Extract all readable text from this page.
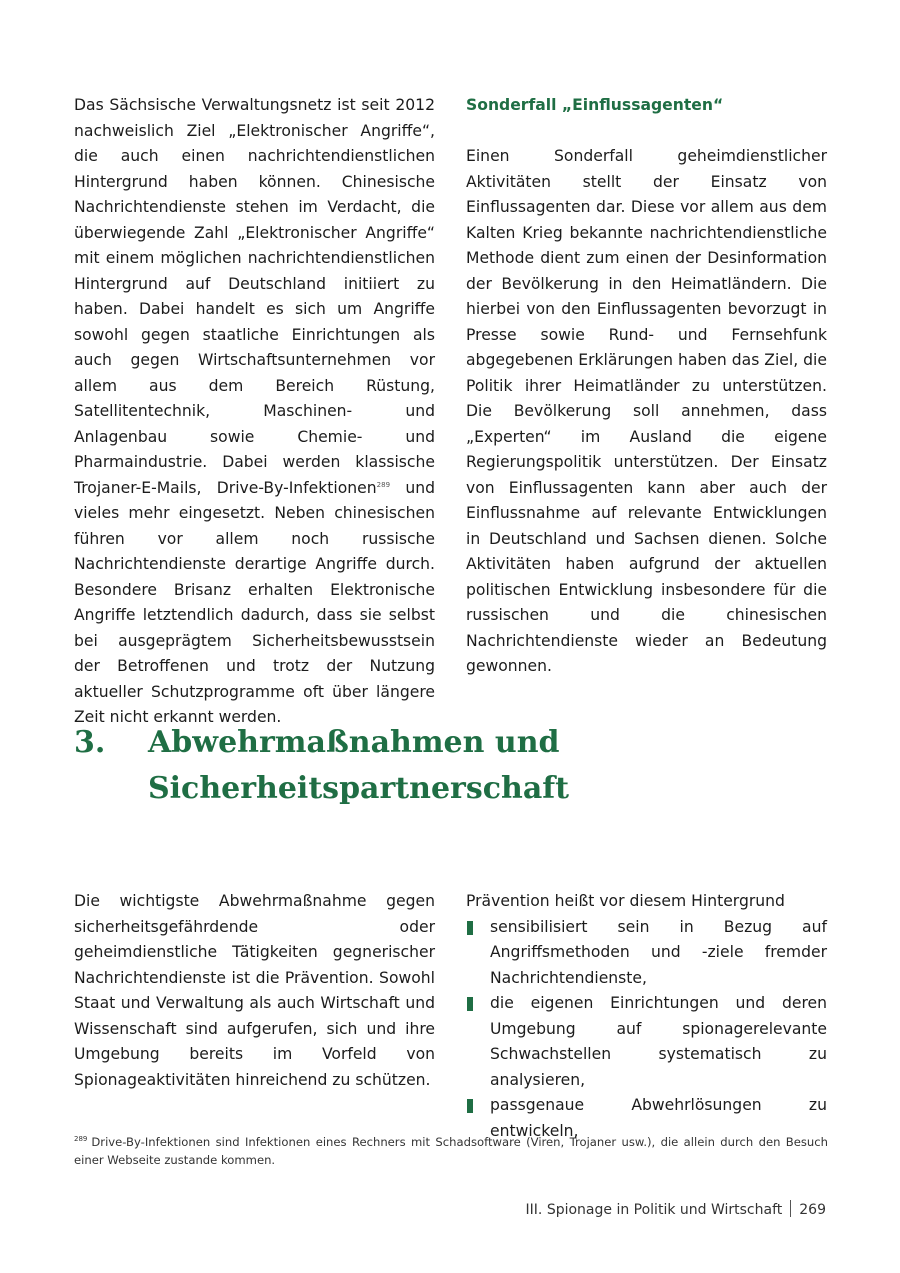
Das Sächsische Verwaltungsnetz ist seit 2012 nachweislich Ziel „Elektronischer Angriffe“, die auch einen nachrichtendienstlichen Hintergrund haben können. Chinesische Nachrichtendienste stehen im Verdacht, die überwiegende Zahl „Elektronischer Angriffe“ mit einem möglichen nachrichtendienstlichen Hintergrund auf Deutschland initiiert zu haben. Dabei handelt es sich um Angriffe sowohl gegen staatliche Einrichtungen als auch gegen Wirtschaftsunternehmen vor allem aus dem Bereich Rüstung, Satellitentechnik, Maschinen- und Anlagenbau sowie Chemie- und Pharmaindustrie. Dabei werden klassische Trojaner-E-Mails, Drive-By-Infektionen$^{289}$ und vieles mehr eingesetzt. Neben chinesischen führen vor allem noch russische Nachrichtendienste derartige Angriffe durch. Besondere Brisanz erhalten Elektronische Angriffe letztendlich dadurch, dass sie selbst bei ausgeprägtem Sicherheitsbewusstsein der Betroffenen und trotz der Nutzung aktueller Schutzprogramme oft über längere Zeit nicht erkannt werden.

Sonderfall „Einflussagenten“

Einen Sonderfall geheimdienstlicher Aktivitäten stellt der Einsatz von Einflussagenten dar. Diese vor allem aus dem Kalten Krieg bekannte nachrichtendienstliche Methode dient zum einen der Desinformation der Bevölkerung in den Heimatländern. Die hierbei von den Einflussagenten bevorzugt in Presse sowie Rund- und Fernsehfunk abgegebenen Erklärungen haben das Ziel, die Politik ihrer Heimatländer zu unterstützen. Die Bevölkerung soll annehmen, dass „Experten“ im Ausland die eigene Regierungspolitik unterstützen. Der Einsatz von Einflussagenten kann aber auch der Einflussnahme auf relevante Entwicklungen in Deutschland und Sachsen dienen. Solche Aktivitäten haben aufgrund der aktuellen politischen Entwicklung insbesondere für die russischen und die chinesischen Nachrichtendienste wieder an Bedeutung gewonnen.

3. Abwehrmaßnahmen und
Sicherheitspartnerschaft

Die wichtigste Abwehrmaßnahme gegen sicherheitsgefährdende oder geheimdienstliche Tätigkeiten gegnerischer Nachrichtendienste ist die Prävention. Sowohl Staat und Verwaltung als auch Wirtschaft und Wissenschaft sind aufgerufen, sich und ihre Umgebung bereits im Vorfeld von Spionageaktivitäten hinreichend zu schützen.

Prävention heißt vor diesem Hintergrund

sensibilisiert sein in Bezug auf Angriffsmethoden und -ziele fremder Nachrichtendienste,
die eigenen Einrichtungen und deren Umgebung auf spionagerelevante Schwachstellen systematisch zu analysieren,
passgenaue Abwehrlösungen zu entwickeln,
$^{289}$ Drive-By-Infektionen sind Infektionen eines Rechners mit Schadsoftware (Viren, Trojaner usw.), die allein durch den Besuch einer Webseite zustande kommen.
III. Spionage in Politik und Wirtschaft 269
